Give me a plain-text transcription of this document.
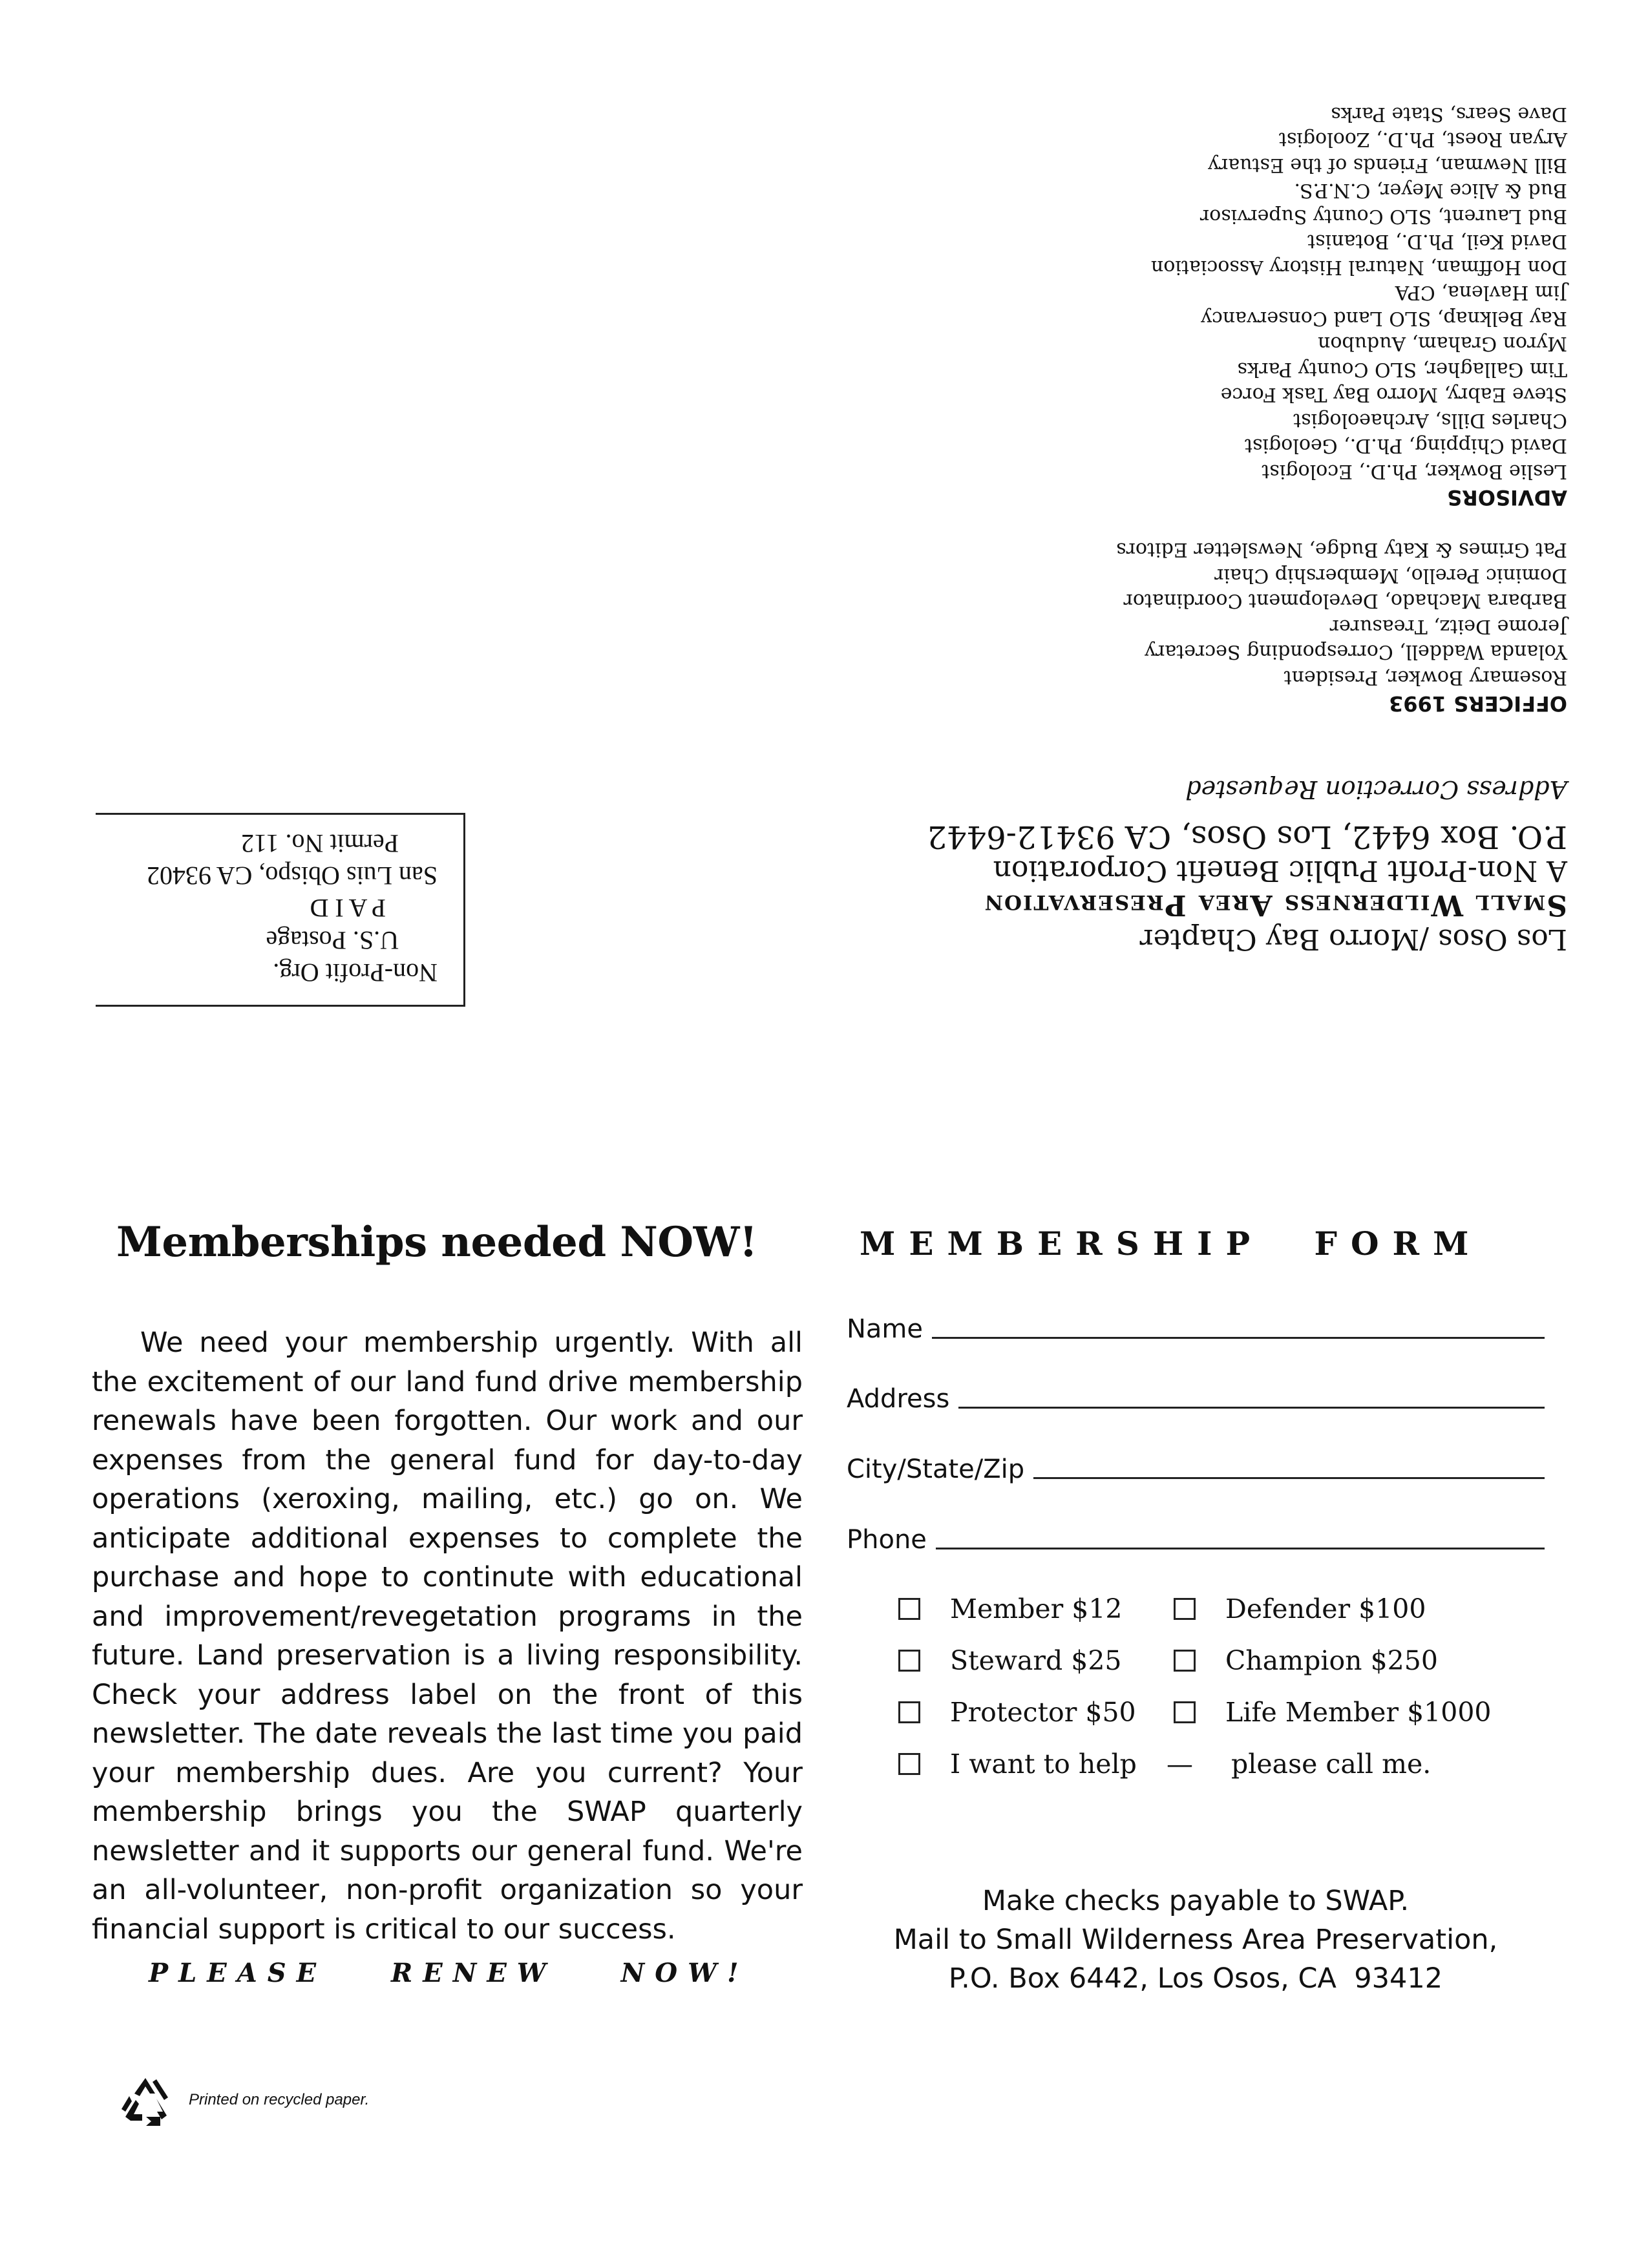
Los Osos /Morro Bay Chapter
Small Wilderness Area Preservation
A Non-Profit Public Benefit Corporation
P.O. Box 6442, Los Osos, CA 93412-6442
Address Correction Requested
OFFICERS 1993
Rosemary Bowker, President
Yolanda Waddell, Corresponding Secretary
Jerome Deitz, Treasurer
Barbara Machado, Development Coordinator
Dominic Perello, Membership Chair
Pat Grimes & Katy Budge, Newsletter Editors
ADVISORS
Leslie Bowker, Ph.D., Ecologist
David Chipping, Ph.D., Geologist
Charles Dills, Archaeologist
Steve Eabry, Morro Bay Task Force
Tim Gallagher, SLO County Parks
Myron Graham, Audubon
Ray Belknap, SLO Land Conservancy
Jim Havlena, CPA
Don Hoffman, Natural History Association
David Keil, Ph.D., Botanist
Bud Laurent, SLO County Supervisor
Bud & Alice Meyer, C.N.P.S.
Bill Newman, Friends of the Estuary
Aryan Roest, Ph.D., Zoologist
Dave Sears, State Parks
Non-Profit Org.
U.S. Postage
P A I D
San Luis Obispo, CA 93402
Permit No. 112
Memberships needed NOW!
We need your membership urgently. With all the excitement of our land fund drive membership renewals have been forgotten. Our work and our expenses from the general fund for day-to-day operations (xeroxing, mailing, etc.) go on. We anticipate additional expenses to complete the purchase and hope to continute with educational and improvement/revegetation programs in the future. Land preservation is a living responsibility. Check your address label on the front of this newsletter. The date reveals the last time you paid your membership dues. Are you current? Your membership brings you the SWAP quarterly newsletter and it supports our general fund. We're an all-volunteer, non-profit organization so your financial support is critical to our success.
PLEASE RENEW NOW!
Printed on recycled paper.
MEMBERSHIP FORM
Name
Address
City/State/Zip
Phone
Member $12
Steward $25
Protector $50
I want to help
Defender $100
Champion $250
Life Member $1000
— please call me.
Make checks payable to SWAP.
Mail to Small Wilderness Area Preservation,
P.O. Box 6442, Los Osos, CA  93412
